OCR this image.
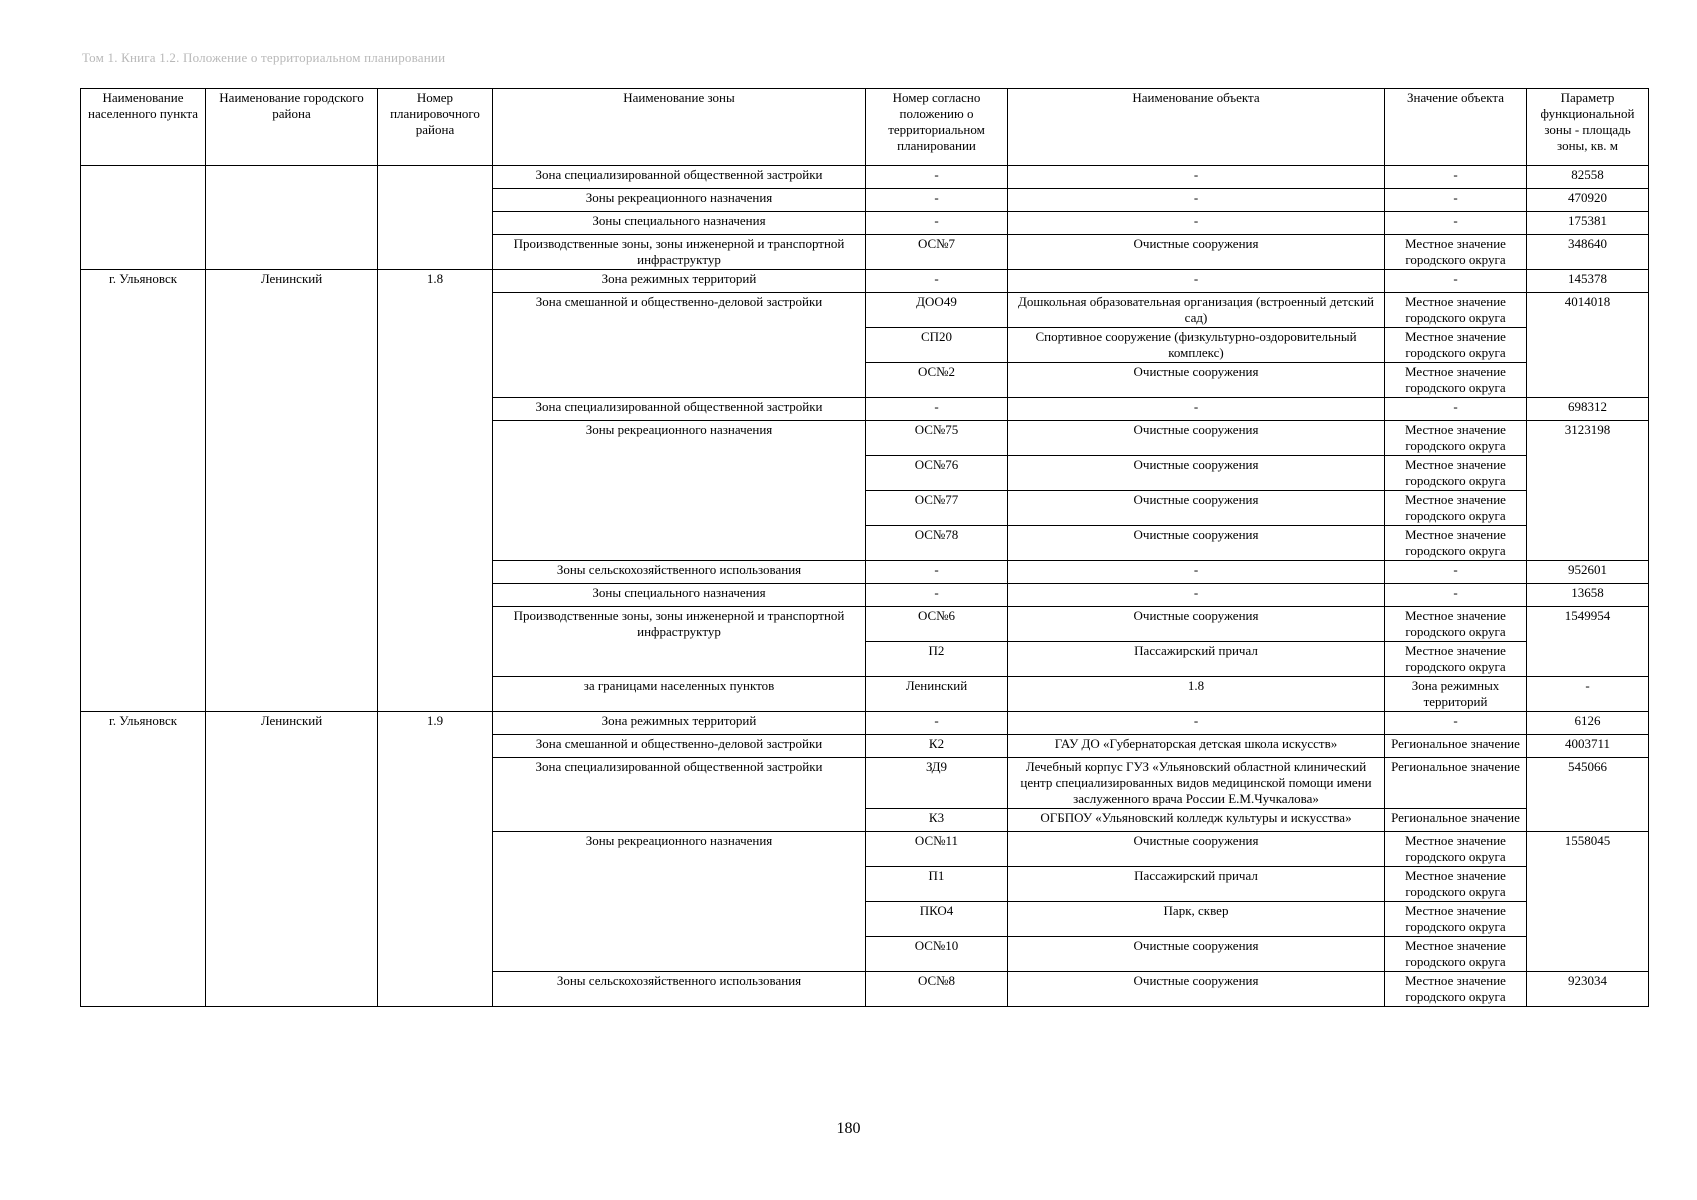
Том 1. Книга 1.2. Положение о территориальном планировании
Наименование населенного пункта	Наименование городского района	Номер планировочного района	Наименование зоны	Номер согласно положению о территориальном планировании	Наименование объекта	Значение объекта	Параметр функциональной зоны - площадь зоны, кв. м	
			Зона специализированной общественной застройки	-	-	-	82558	
			Зоны рекреационного назначения	-	-	-	470920	
			Зоны специального назначения	-	-	-	175381	
			Производственные зоны, зоны инженерной и транспортной инфраструктур	ОС№7	Очистные сооружения	Местное значение городского округа	348640	
г. Ульяновск	Ленинский	1.8	Зона режимных территорий	-	-	-	145378	
			Зона смешанной и общественно-деловой застройки	ДОО49	Дошкольная образовательная организация (встроенный детский сад)	Местное значение городского округа	4014018	
				СП20	Спортивное сооружение (физкультурно-оздоровительный комплекс)	Местное значение городского округа		
				ОС№2	Очистные сооружения	Местное значение городского округа		
			Зона специализированной общественной застройки	-	-	-	698312	
			Зоны рекреационного назначения	ОС№75	Очистные сооружения	Местное значение городского округа	3123198	
				ОС№76	Очистные сооружения	Местное значение городского округа		
				ОС№77	Очистные сооружения	Местное значение городского округа		
				ОС№78	Очистные сооружения	Местное значение городского округа		
			Зоны сельскохозяйственного использования	-	-	-	952601	
			Зоны специального назначения	-	-	-	13658	
			Производственные зоны, зоны инженерной и транспортной инфраструктур	ОС№6	Очистные сооружения	Местное значение городского округа	1549954	
				П2	Пассажирский причал	Местное значение городского округа		
			за границами населенных пунктов	Ленинский	1.8	Зона режимных территорий	-			
г. Ульяновск	Ленинский	1.9	Зона режимных территорий	-	-	-	6126	
			Зона смешанной и общественно-деловой застройки	К2	ГАУ ДО «Губернаторская детская школа искусств»	Региональное значение	4003711	
			Зона специализированной общественной застройки	ЗД9	Лечебный корпус ГУЗ «Ульяновский областной клинический центр специализированных видов медицинской помощи имени заслуженного врача России Е.М.Чучкалова»	Региональное значение	545066	
				К3	ОГБПОУ «Ульяновский колледж культуры и искусства»	Региональное значение		
			Зоны рекреационного назначения	ОС№11	Очистные сооружения	Местное значение городского округа	1558045	
				П1	Пассажирский причал	Местное значение городского округа		
				ПКО4	Парк, сквер	Местное значение городского округа		
				ОС№10	Очистные сооружения	Местное значение городского округа		
			Зоны сельскохозяйственного использования	ОС№8	Очистные сооружения	Местное значение городского округа	923034	
180
